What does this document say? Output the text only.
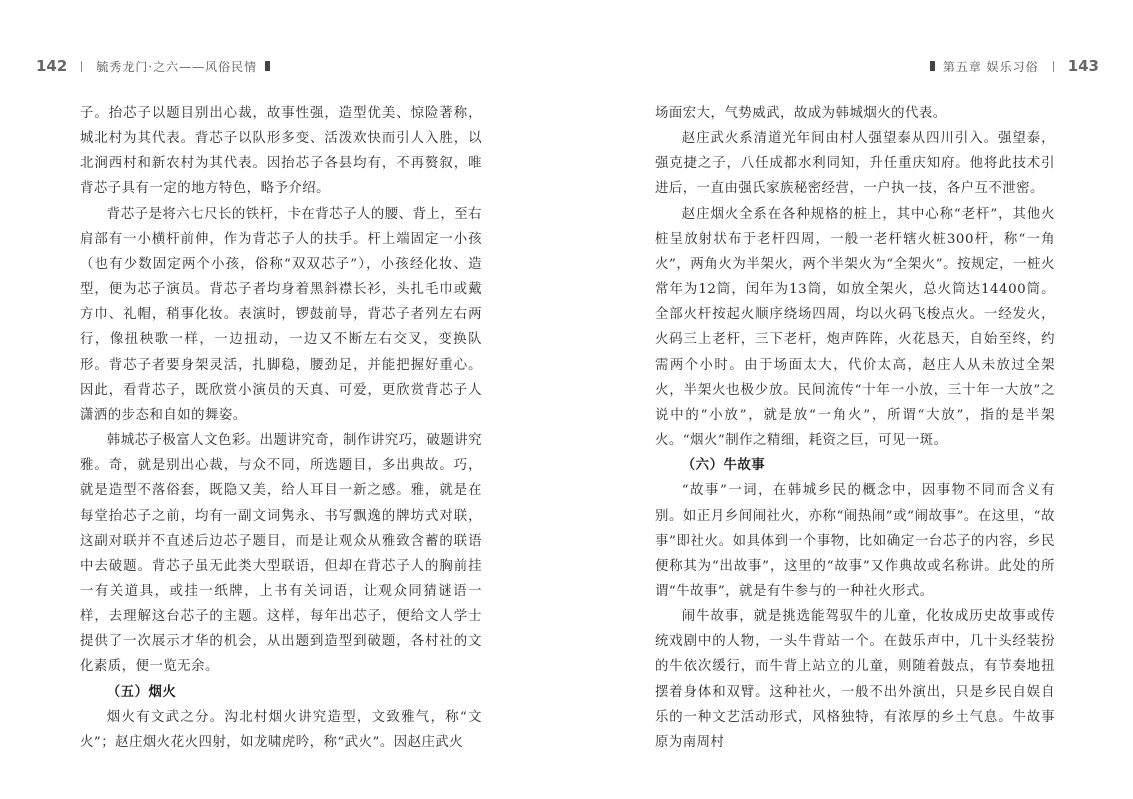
142 毓秀龙门·之六——风俗民情

子。抬芯子以题目别出心裁，故事性强，造型优美、惊险著称，城北村为其代表。背芯子以队形多变、活泼欢快而引人入胜，以北涧西村和新农村为其代表。因抬芯子各县均有，不再赘叙，唯背芯子具有一定的地方特色，略予介绍。

背芯子是将六七尺长的铁杆，卡在背芯子人的腰、背上，至右肩部有一小横杆前伸，作为背芯子人的扶手。杆上端固定一小孩（也有少数固定两个小孩，俗称“双双芯子”），小孩经化妆、造型，便为芯子演员。背芯子者均身着黑斜襟长衫，头扎毛巾或戴方巾、礼帽，稍事化妆。表演时，锣鼓前导，背芯子者列左右两行，像扭秧歌一样，一边扭动，一边又不断左右交叉，变换队形。背芯子者要身架灵活，扎脚稳，腰劲足，并能把握好重心。因此，看背芯子，既欣赏小演员的天真、可爱，更欣赏背芯子人潇洒的步态和自如的舞姿。

韩城芯子极富人文色彩。出题讲究奇，制作讲究巧，破题讲究雅。奇，就是别出心裁，与众不同，所选题目，多出典故。巧，就是造型不落俗套，既隐又美，给人耳目一新之感。雅，就是在每堂抬芯子之前，均有一副文词隽永、书写飘逸的牌坊式对联，这副对联并不直述后边芯子题目，而是让观众从雅致含蓄的联语中去破题。背芯子虽无此类大型联语，但却在背芯子人的胸前挂一有关道具，或挂一纸牌，上书有关词语，让观众同猜谜语一样，去理解这台芯子的主题。这样，每年出芯子，便给文人学士提供了一次展示才华的机会，从出题到造型到破题，各村社的文化素质，便一览无余。

（五）烟火

烟火有文武之分。沟北村烟火讲究造型，文致雅气，称“文火”；赵庄烟火花火四射，如龙啸虎吟，称“武火”。因赵庄武火

第五章 娱乐习俗 143

场面宏大，气势威武，故成为韩城烟火的代表。

赵庄武火系清道光年间由村人强望泰从四川引入。强望泰，强克捷之子，八任成都水利同知，升任重庆知府。他将此技术引进后，一直由强氏家族秘密经营，一户执一技，各户互不泄密。

赵庄烟火全系在各种规格的桩上，其中心称“老杆”，其他火桩呈放射状布于老杆四周，一般一老杆辖火桩300杆，称“一角火”，两角火为半架火，两个半架火为“全架火”。按规定，一桩火常年为12筒，闰年为13筒，如放全架火，总火筒达14400筒。全部火杆按起火顺序绕场四周，均以火码飞梭点火。一经发火，火码三上老杆，三下老杆，炮声阵阵，火花恳天，自始至终，约需两个小时。由于场面太大，代价太高，赵庄人从未放过全架火，半架火也极少放。民间流传“十年一小放，三十年一大放”之说中的“小放”，就是放“一角火”，所谓“大放”，指的是半架火。“烟火”制作之精细，耗资之巨，可见一斑。

（六）牛故事

“故事”一词，在韩城乡民的概念中，因事物不同而含义有别。如正月乡间闹社火，亦称“闹热闹”或“闹故事”。在这里，“故事”即社火。如具体到一个事物，比如确定一台芯子的内容，乡民便称其为“出故事”，这里的“故事”又作典故或名称讲。此处的所谓“牛故事”，就是有牛参与的一种社火形式。

闹牛故事，就是挑选能驾驭牛的儿童，化妆成历史故事或传统戏剧中的人物，一头牛背站一个。在鼓乐声中，几十头经装扮的牛依次缓行，而牛背上站立的儿童，则随着鼓点，有节奏地扭摆着身体和双臂。这种社火，一般不出外演出，只是乡民自娱自乐的一种文艺活动形式，风格独特，有浓厚的乡土气息。牛故事原为南周村
